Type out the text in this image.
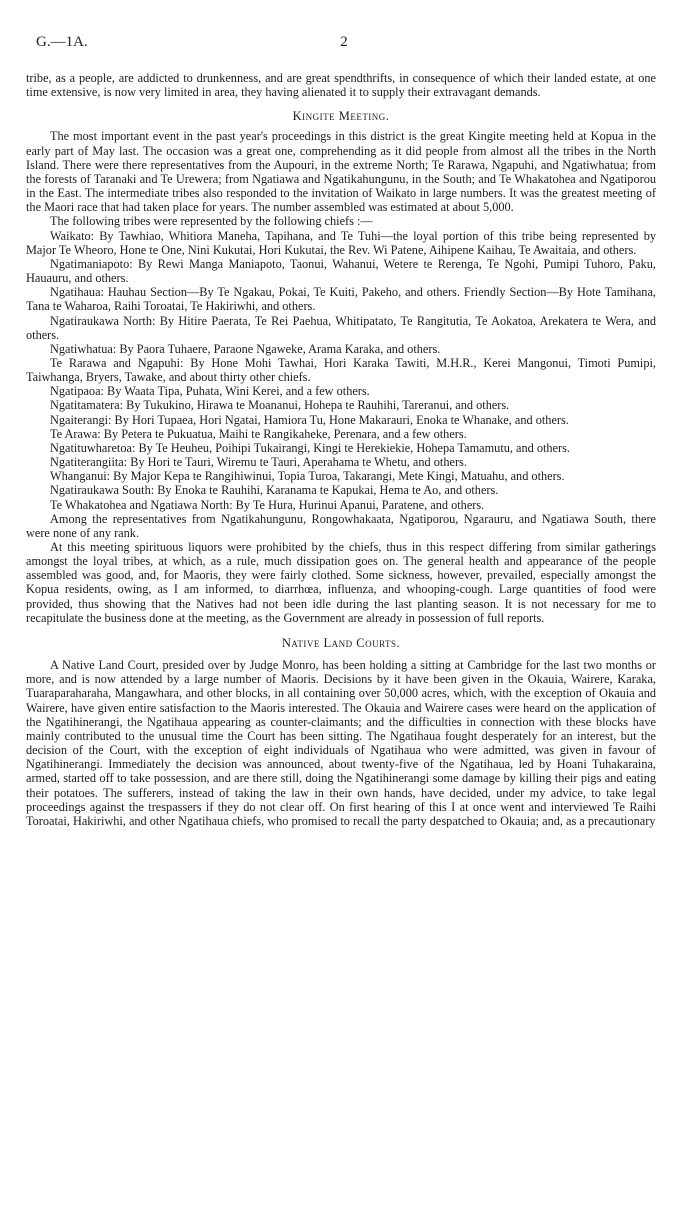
G.—1A.	2

tribe, as a people, are addicted to drunkenness, and are great spendthrifts, in consequence of which their landed estate, at one time extensive, is now very limited in area, they having alienated it to supply their extravagant demands.

Kingite Meeting.

The most important event in the past year's proceedings in this district is the great Kingite meeting held at Kopua in the early part of May last. The occasion was a great one, comprehending as it did people from almost all the tribes in the North Island. There were there representatives from the Aupouri, in the extreme North; Te Rarawa, Ngapuhi, and Ngatiwhatua; from the forests of Taranaki and Te Urewera; from Ngatiawa and Ngatikahungunu, in the South; and Te Whakatohea and Ngatiporou in the East. The intermediate tribes also responded to the invitation of Waikato in large numbers. It was the greatest meeting of the Maori race that had taken place for years. The number assembled was estimated at about 5,000.

The following tribes were represented by the following chiefs :—

Waikato: By Tawhiao, Whitiora Maneha, Tapihana, and Te Tuhi—the loyal portion of this tribe being represented by Major Te Wheoro, Hone te One, Nini Kukutai, Hori Kukutai, the Rev. Wi Patene, Aihipene Kaihau, Te Awaitaia, and others.

Ngatimaniapoto: By Rewi Manga Maniapoto, Taonui, Wahanui, Wetere te Rerenga, Te Ngohi, Pumipi Tuhoro, Paku, Hauauru, and others.

Ngatihaua: Hauhau Section—By Te Ngakau, Pokai, Te Kuiti, Pakeho, and others. Friendly Section—By Hote Tamihana, Tana te Waharoa, Raihi Toroatai, Te Hakiriwhi, and others.

Ngatiraukawa North: By Hitire Paerata, Te Rei Paehua, Whitipatato, Te Rangitutia, Te Aokatoa, Arekatera te Wera, and others.

Ngatiwhatua: By Paora Tuhaere, Paraone Ngaweke, Arama Karaka, and others.

Te Rarawa and Ngapuhi: By Hone Mohi Tawhai, Hori Karaka Tawiti, M.H.R., Kerei Mangonui, Timoti Pumipi, Taiwhanga, Bryers, Tawake, and about thirty other chiefs.

Ngatipaoa: By Waata Tipa, Puhata, Wini Kerei, and a few others.

Ngatitamatera: By Tukukino, Hirawa te Moananui, Hohepa te Rauhihi, Tareranui, and others.

Ngaiterangi: By Hori Tupaea, Hori Ngatai, Hamiora Tu, Hone Makarauri, Enoka te Whanake, and others.

Te Arawa: By Petera te Pukuatua, Maihi te Rangikaheke, Perenara, and a few others.

Ngatituwharetoa: By Te Heuheu, Poihipi Tukairangi, Kingi te Herekiekie, Hohepa Tamamutu, and others.

Ngatiterangiita: By Hori te Tauri, Wiremu te Tauri, Aperahama te Whetu, and others.

Whanganui: By Major Kepa te Rangihiwinui, Topia Turoa, Takarangi, Mete Kingi, Matuahu, and others.

Ngatiraukawa South: By Enoka te Rauhihi, Karanama te Kapukai, Hema te Ao, and others.

Te Whakatohea and Ngatiawa North: By Te Hura, Hurinui Apanui, Paratene, and others.

Among the representatives from Ngatikahungunu, Rongowhakaata, Ngatiporou, Ngarauru, and Ngatiawa South, there were none of any rank.

At this meeting spirituous liquors were prohibited by the chiefs, thus in this respect differing from similar gatherings amongst the loyal tribes, at which, as a rule, much dissipation goes on. The general health and appearance of the people assembled was good, and, for Maoris, they were fairly clothed. Some sickness, however, prevailed, especially amongst the Kopua residents, owing, as I am informed, to diarrhœa, influenza, and whooping-cough. Large quantities of food were provided, thus showing that the Natives had not been idle during the last planting season. It is not necessary for me to recapitulate the business done at the meeting, as the Government are already in possession of full reports.

Native Land Courts.

A Native Land Court, presided over by Judge Monro, has been holding a sitting at Cambridge for the last two months or more, and is now attended by a large number of Maoris. Decisions by it have been given in the Okauia, Wairere, Karaka, Tuaraparaharaha, Mangawhara, and other blocks, in all containing over 50,000 acres, which, with the exception of Okauia and Wairere, have given entire satisfaction to the Maoris interested. The Okauia and Wairere cases were heard on the application of the Ngatihinerangi, the Ngatihaua appearing as counter-claimants; and the difficulties in connection with these blocks have mainly contributed to the unusual time the Court has been sitting. The Ngatihaua fought desperately for an interest, but the decision of the Court, with the exception of eight individuals of Ngatihaua who were admitted, was given in favour of Ngatihinerangi. Immediately the decision was announced, about twenty-five of the Ngatihaua, led by Hoani Tuhakaraina, armed, started off to take possession, and are there still, doing the Ngatihinerangi some damage by killing their pigs and eating their potatoes. The sufferers, instead of taking the law in their own hands, have decided, under my advice, to take legal proceedings against the trespassers if they do not clear off. On first hearing of this I at once went and interviewed Te Raihi Toroatai, Hakiriwhi, and other Ngatihaua chiefs, who promised to recall the party despatched to Okauia; and, as a precautionary
